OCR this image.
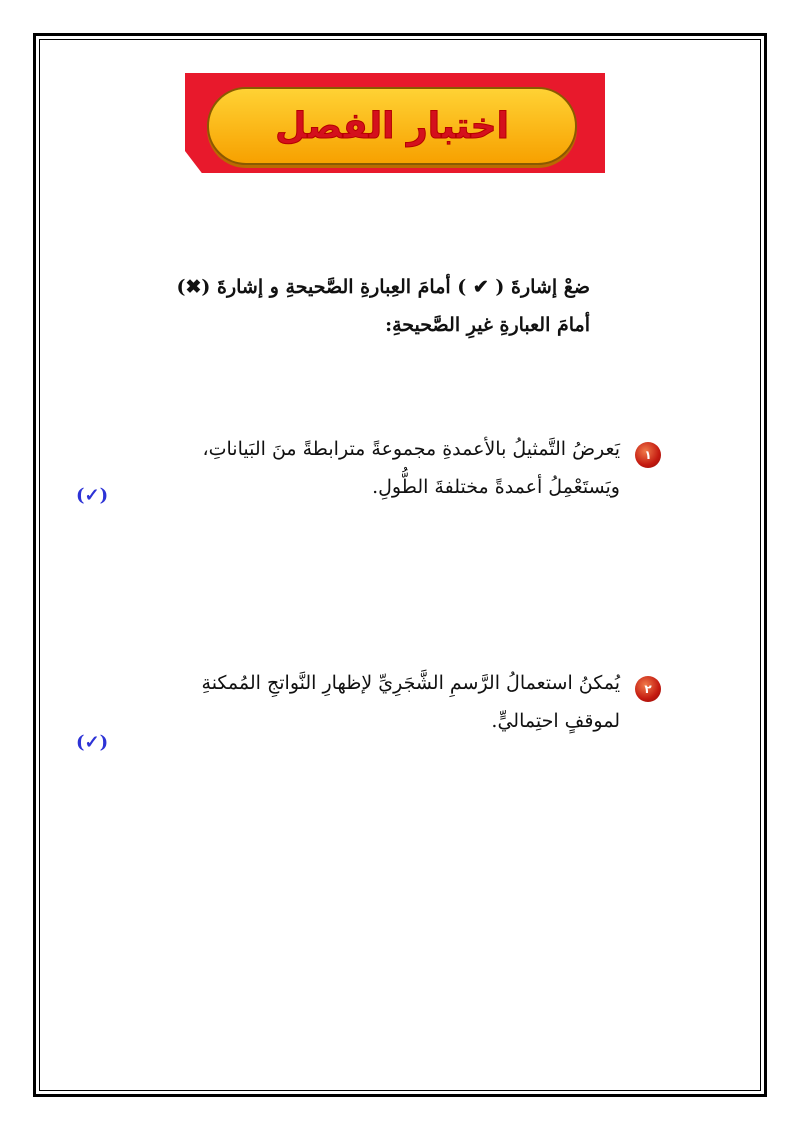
اختبار الفصل
ضعْ إشارةَ ( ✔ ) أمامَ العِبارةِ الصَّحيحةِ و إشارةَ (✖) أمامَ العبارةِ غيرِ الصَّحيحةِ:
١
يَعرضُ التَّمثيلُ بالأعمدةِ مجموعةً مترابطةً منَ البَياناتِ، ويَستَعْمِلُ أعمدةً مختلفةَ الطُّولِ.
(✓)
٢
يُمكنُ استعمالُ الرَّسمِ الشَّجَرِيِّ لإظهارِ النَّواتجِ المُمكنةِ لموقفٍ احتِماليٍّ.
(✓)
